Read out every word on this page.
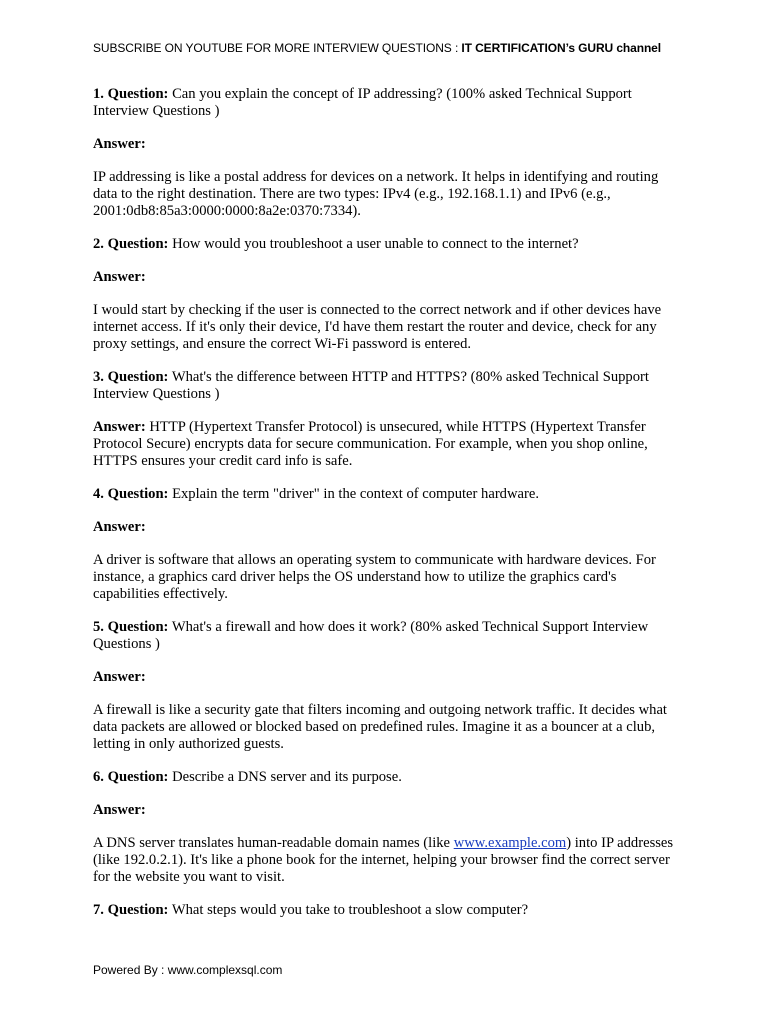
SUBSCRIBE ON YOUTUBE FOR MORE INTERVIEW QUESTIONS : IT CERTIFICATION’s GURU channel

1. Question: Can you explain the concept of IP addressing? (100% asked Technical Support Interview Questions )

Answer:

IP addressing is like a postal address for devices on a network. It helps in identifying and routing data to the right destination. There are two types: IPv4 (e.g., 192.168.1.1) and IPv6 (e.g., 2001:0db8:85a3:0000:0000:8a2e:0370:7334).

2. Question: How would you troubleshoot a user unable to connect to the internet?

Answer:

I would start by checking if the user is connected to the correct network and if other devices have internet access. If it's only their device, I'd have them restart the router and device, check for any proxy settings, and ensure the correct Wi-Fi password is entered.

3. Question: What's the difference between HTTP and HTTPS? (80% asked Technical Support Interview Questions )

Answer: HTTP (Hypertext Transfer Protocol) is unsecured, while HTTPS (Hypertext Transfer Protocol Secure) encrypts data for secure communication. For example, when you shop online, HTTPS ensures your credit card info is safe.

4. Question: Explain the term "driver" in the context of computer hardware.

Answer:

A driver is software that allows an operating system to communicate with hardware devices. For instance, a graphics card driver helps the OS understand how to utilize the graphics card's capabilities effectively.

5. Question: What's a firewall and how does it work? (80% asked Technical Support Interview Questions )

Answer:

A firewall is like a security gate that filters incoming and outgoing network traffic. It decides what data packets are allowed or blocked based on predefined rules. Imagine it as a bouncer at a club, letting in only authorized guests.

6. Question: Describe a DNS server and its purpose.

Answer:

A DNS server translates human-readable domain names (like www.example.com) into IP addresses (like 192.0.2.1). It's like a phone book for the internet, helping your browser find the correct server for the website you want to visit.

7. Question: What steps would you take to troubleshoot a slow computer?

Powered By : www.complexsql.com
